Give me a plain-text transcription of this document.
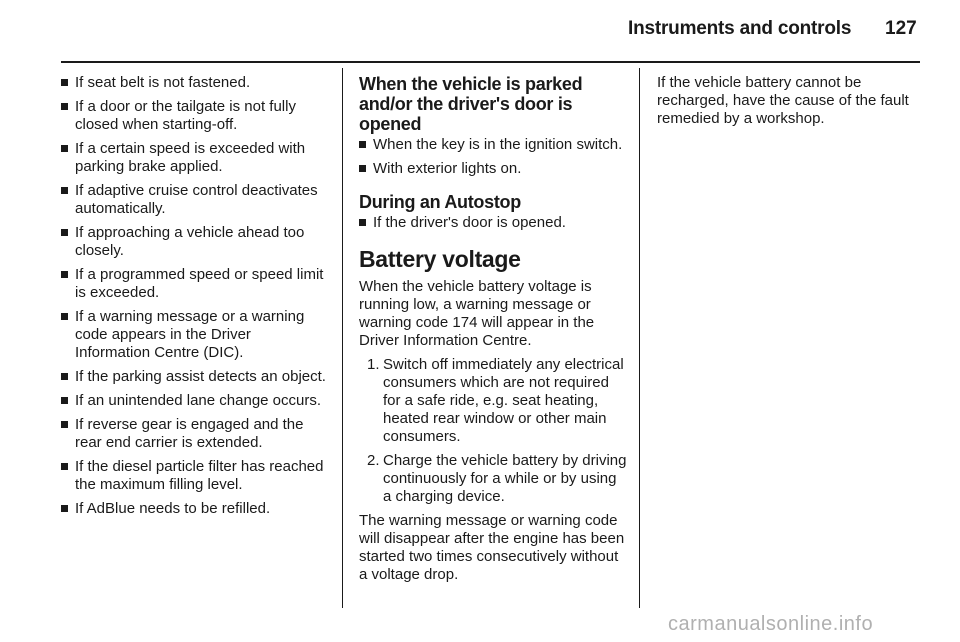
Instruments and controls 127
If seat belt is not fastened.
If a door or the tailgate is not fully closed when starting-off.
If a certain speed is exceeded with parking brake applied.
If adaptive cruise control deactivates automatically.
If approaching a vehicle ahead too closely.
If a programmed speed or speed limit is exceeded.
If a warning message or a warning code appears in the Driver Information Centre (DIC).
If the parking assist detects an object.
If an unintended lane change occurs.
If reverse gear is engaged and the rear end carrier is extended.
If the diesel particle filter has reached the maximum filling level.
If AdBlue needs to be refilled.
When the vehicle is parked and/or the driver's door is opened
When the key is in the ignition switch.
With exterior lights on.
During an Autostop
If the driver's door is opened.
Battery voltage

When the vehicle battery voltage is running low, a warning message or warning code 174 will appear in the Driver Information Centre.

1. Switch off immediately any electrical consumers which are not required for a safe ride, e.g. seat heating, heated rear window or other main consumers.
2. Charge the vehicle battery by driving continuously for a while or by using a charging device.

The warning message or warning code will disappear after the engine has been started two times consecutively without a voltage drop.

If the vehicle battery cannot be recharged, have the cause of the fault remedied by a workshop.

carmanualsonline.info
